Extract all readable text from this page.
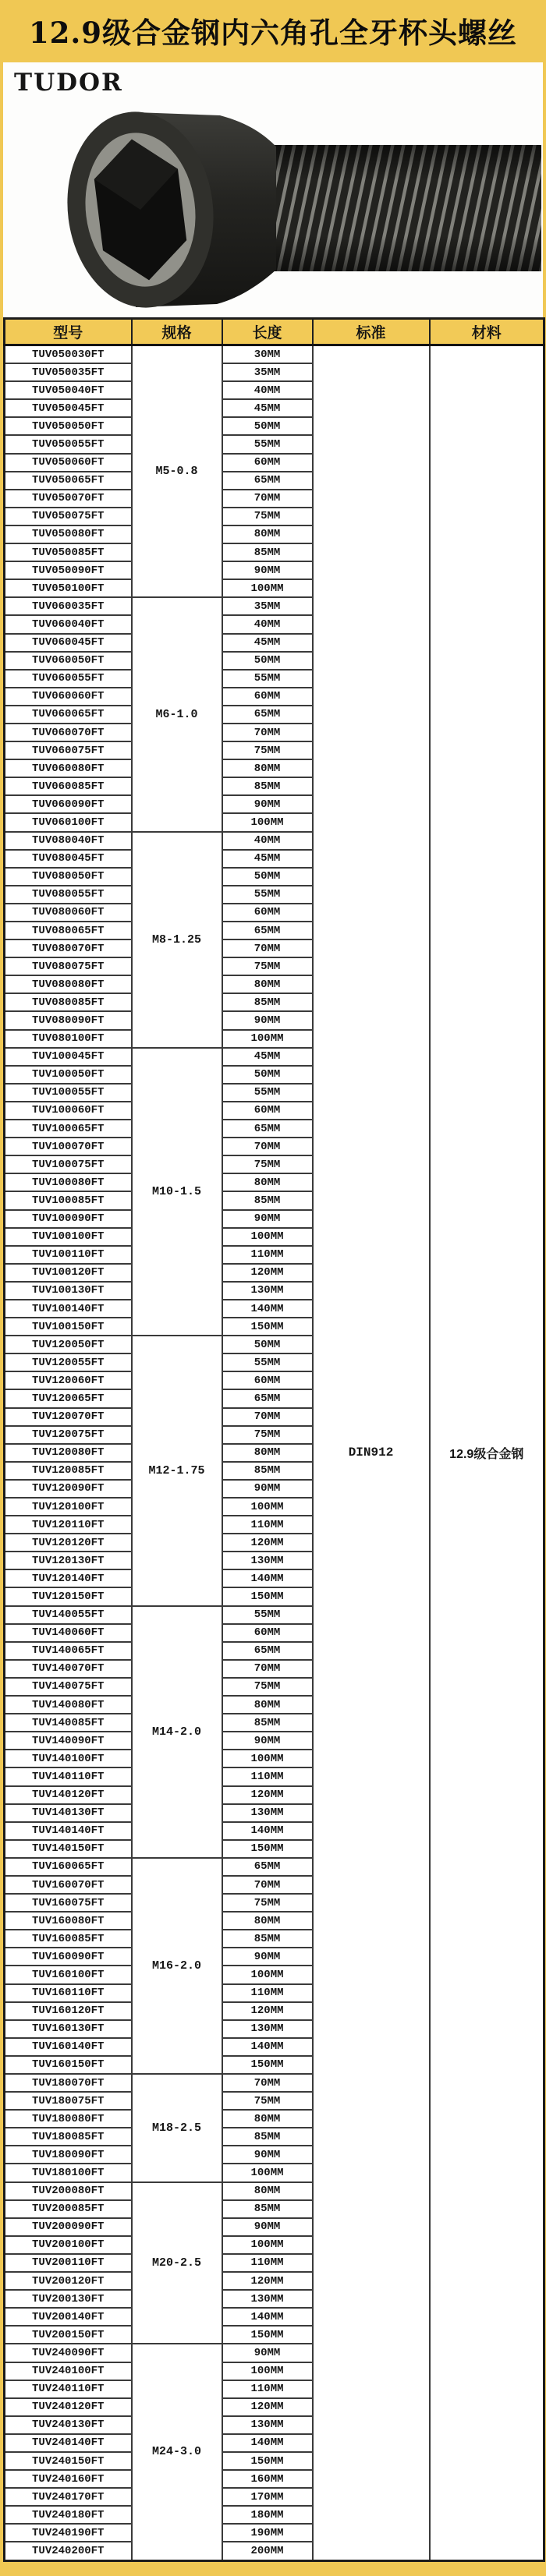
12.9级合金钢内六角孔全牙杯头螺丝
TUDOR
型号	规格	长度	标准	材料
TUV050030FT	M5-0.8	30MM	DIN912	12.9级合金钢
TUV050035FT		35MM		
TUV050040FT		40MM		
TUV050045FT		45MM		
TUV050050FT		50MM		
TUV050055FT		55MM		
TUV050060FT		60MM		
TUV050065FT		65MM		
TUV050070FT		70MM		
TUV050075FT		75MM		
TUV050080FT		80MM		
TUV050085FT		85MM		
TUV050090FT		90MM		
TUV050100FT		100MM		
TUV060035FT	M6-1.0	35MM		
TUV060040FT		40MM		
TUV060045FT		45MM		
TUV060050FT		50MM		
TUV060055FT		55MM		
TUV060060FT		60MM		
TUV060065FT		65MM		
TUV060070FT		70MM		
TUV060075FT		75MM		
TUV060080FT		80MM		
TUV060085FT		85MM		
TUV060090FT		90MM		
TUV060100FT		100MM		
TUV080040FT	M8-1.25	40MM		
TUV080045FT		45MM		
TUV080050FT		50MM		
TUV080055FT		55MM		
TUV080060FT		60MM		
TUV080065FT		65MM		
TUV080070FT		70MM		
TUV080075FT		75MM		
TUV080080FT		80MM		
TUV080085FT		85MM		
TUV080090FT		90MM		
TUV080100FT		100MM		
TUV100045FT	M10-1.5	45MM		
TUV100050FT		50MM		
TUV100055FT		55MM		
TUV100060FT		60MM		
TUV100065FT		65MM		
TUV100070FT		70MM		
TUV100075FT		75MM		
TUV100080FT		80MM		
TUV100085FT		85MM		
TUV100090FT		90MM		
TUV100100FT		100MM		
TUV100110FT		110MM		
TUV100120FT		120MM		
TUV100130FT		130MM		
TUV100140FT		140MM		
TUV100150FT		150MM		
TUV120050FT	M12-1.75	50MM		
TUV120055FT		55MM		
TUV120060FT		60MM		
TUV120065FT		65MM		
TUV120070FT		70MM		
TUV120075FT		75MM		
TUV120080FT		80MM		
TUV120085FT		85MM		
TUV120090FT		90MM		
TUV120100FT		100MM		
TUV120110FT		110MM		
TUV120120FT		120MM		
TUV120130FT		130MM		
TUV120140FT		140MM		
TUV120150FT		150MM		
TUV140055FT	M14-2.0	55MM		
TUV140060FT		60MM		
TUV140065FT		65MM		
TUV140070FT		70MM		
TUV140075FT		75MM		
TUV140080FT		80MM		
TUV140085FT		85MM		
TUV140090FT		90MM		
TUV140100FT		100MM		
TUV140110FT		110MM		
TUV140120FT		120MM		
TUV140130FT		130MM		
TUV140140FT		140MM		
TUV140150FT		150MM		
TUV160065FT	M16-2.0	65MM		
TUV160070FT		70MM		
TUV160075FT		75MM		
TUV160080FT		80MM		
TUV160085FT		85MM		
TUV160090FT		90MM		
TUV160100FT		100MM		
TUV160110FT		110MM		
TUV160120FT		120MM		
TUV160130FT		130MM		
TUV160140FT		140MM		
TUV160150FT		150MM		
TUV180070FT	M18-2.5	70MM		
TUV180075FT		75MM		
TUV180080FT		80MM		
TUV180085FT		85MM		
TUV180090FT		90MM		
TUV180100FT		100MM		
TUV200080FT	M20-2.5	80MM		
TUV200085FT		85MM		
TUV200090FT		90MM		
TUV200100FT		100MM		
TUV200110FT		110MM		
TUV200120FT		120MM		
TUV200130FT		130MM		
TUV200140FT		140MM		
TUV200150FT		150MM		
TUV240090FT	M24-3.0	90MM		
TUV240100FT		100MM		
TUV240110FT		110MM		
TUV240120FT		120MM		
TUV240130FT		130MM		
TUV240140FT		140MM		
TUV240150FT		150MM		
TUV240160FT		160MM		
TUV240170FT		170MM		
TUV240180FT		180MM		
TUV240190FT		190MM		
TUV240200FT		200MM		
